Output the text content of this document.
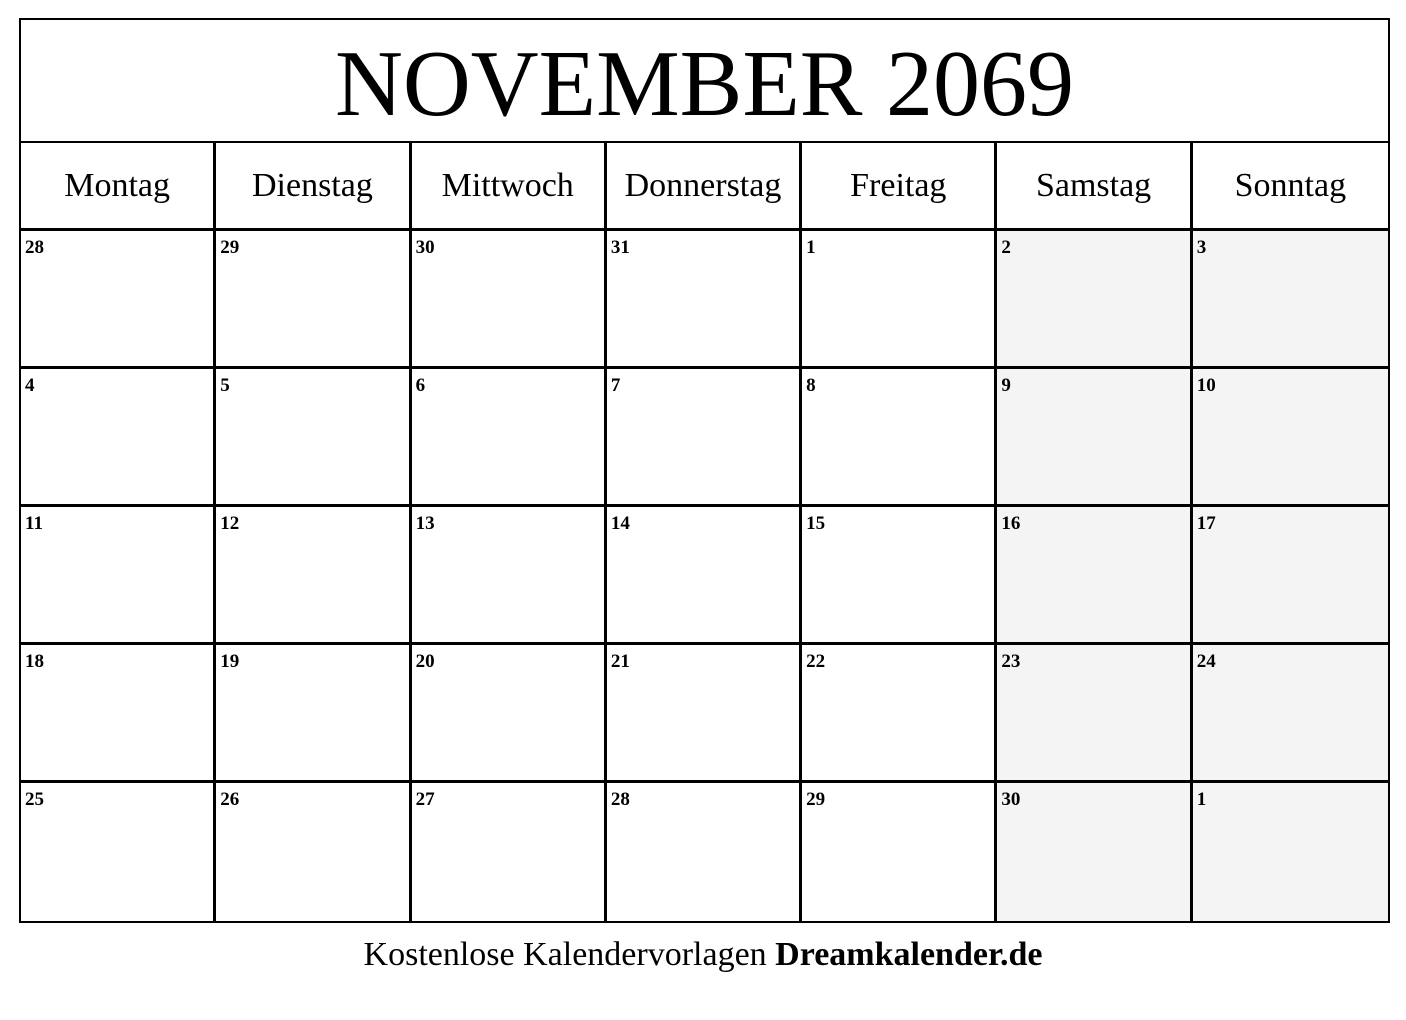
NOVEMBER 2069
Montag	Dienstag	Mittwoch	Donnerstag	Freitag	Samstag	Sonntag
28	29	30	31	1	2	3
4	5	6	7	8	9	10
11	12	13	14	15	16	17
18	19	20	21	22	23	24
25	26	27	28	29	30	1
Kostenlose Kalendervorlagen Dreamkalender.de
